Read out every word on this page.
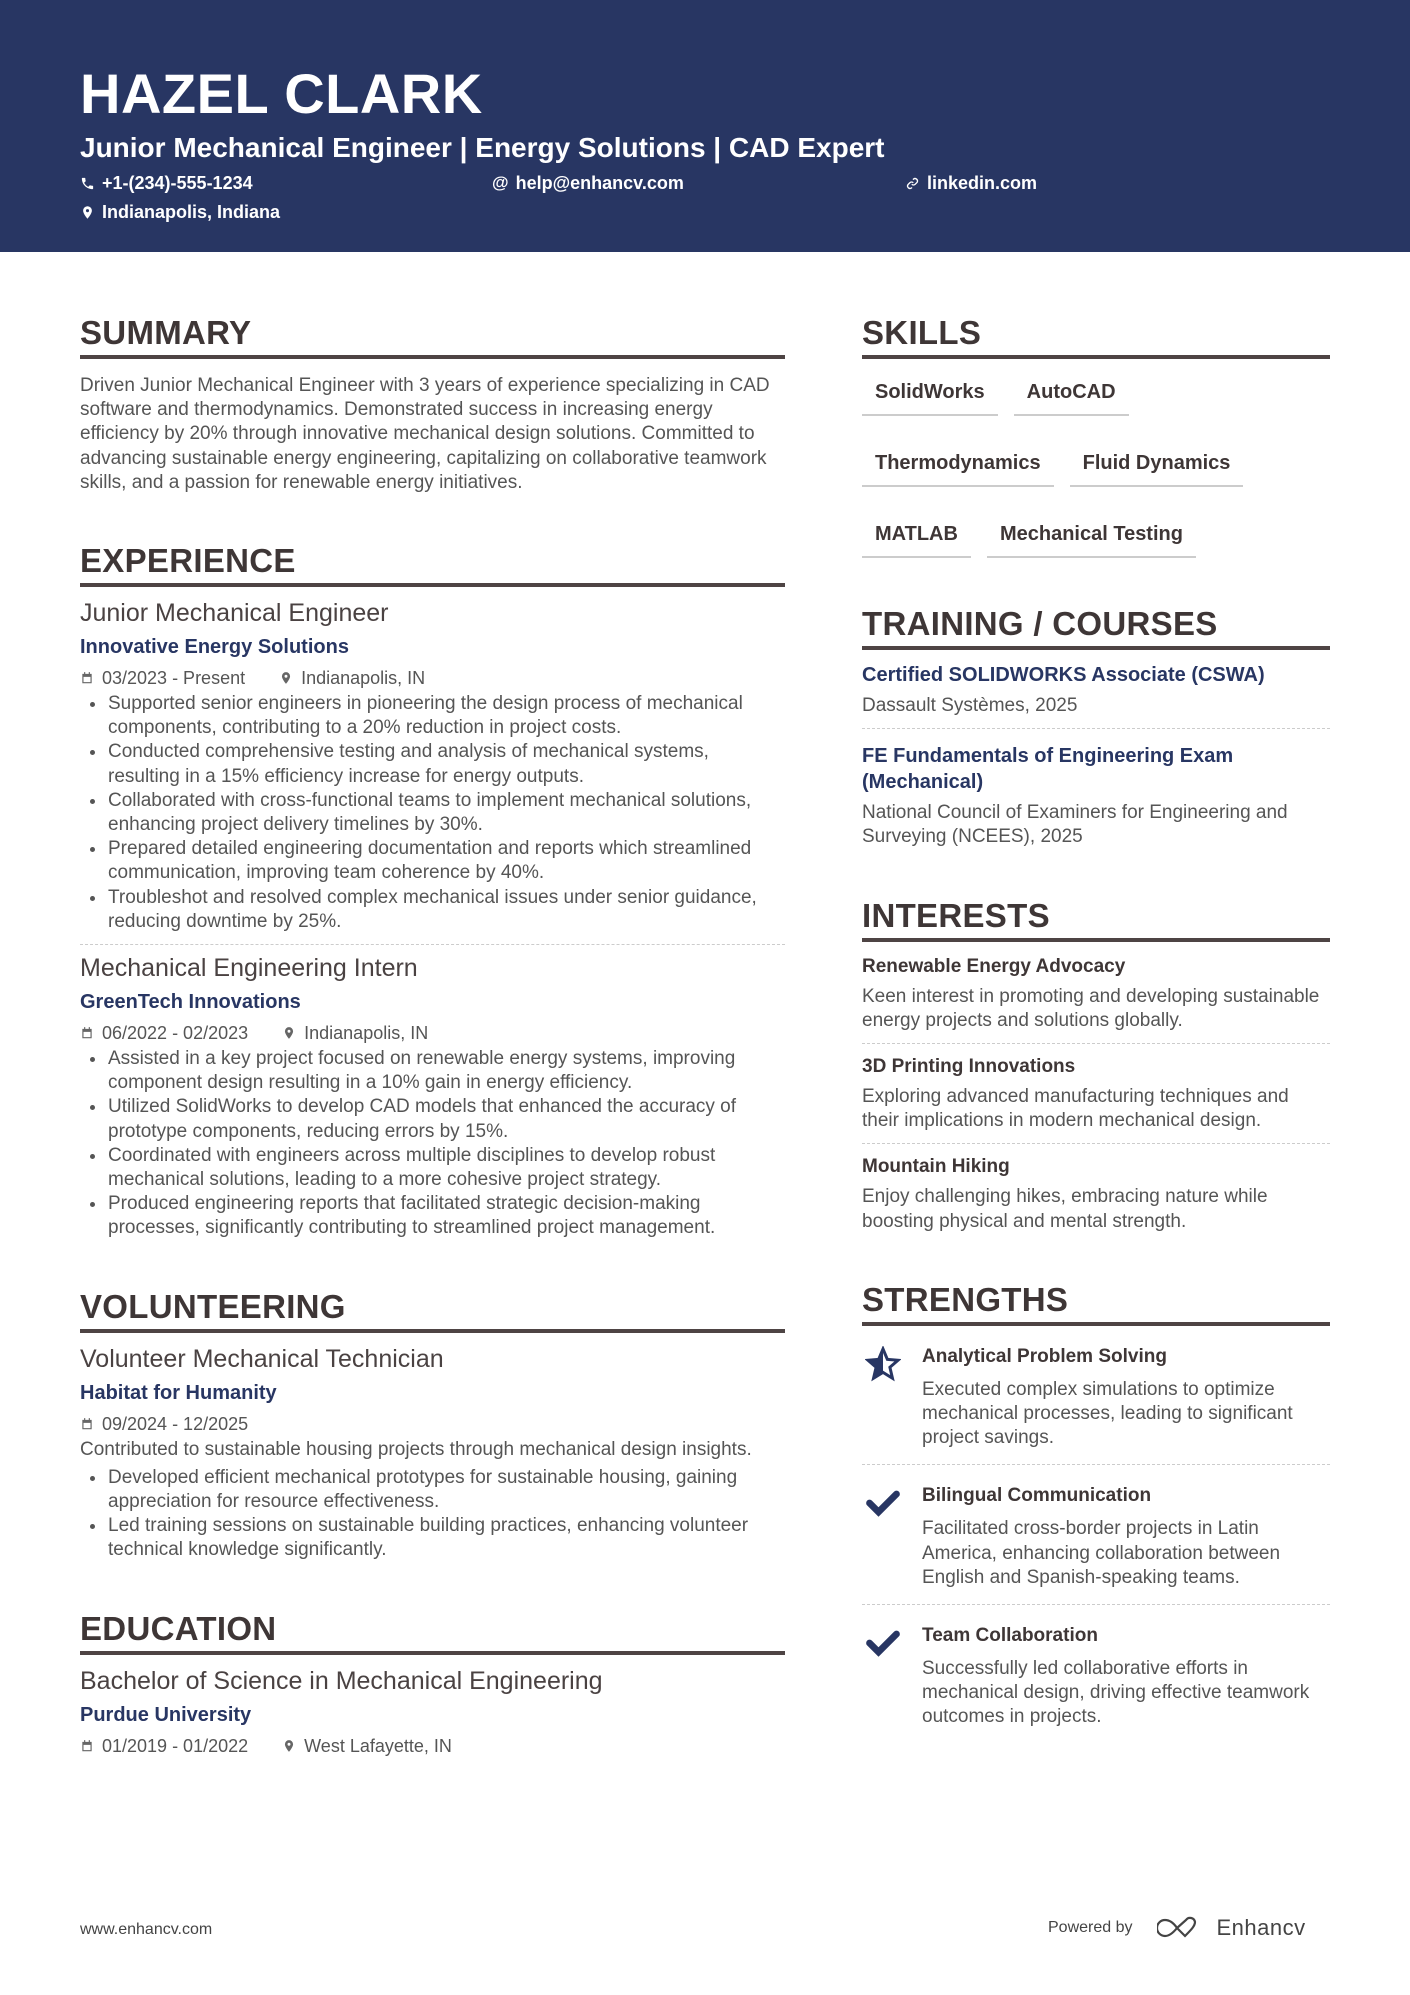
HAZEL CLARK
Junior Mechanical Engineer | Energy Solutions | CAD Expert
+1-(234)-555-1234	@ help@enhancv.com	linkedin.com
Indianapolis, Indiana
SUMMARY
Driven Junior Mechanical Engineer with 3 years of experience specializing in CAD software and thermodynamics. Demonstrated success in increasing energy efficiency by 20% through innovative mechanical design solutions. Committed to advancing sustainable energy engineering, capitalizing on collaborative teamwork skills, and a passion for renewable energy initiatives.
EXPERIENCE
Junior Mechanical Engineer
Innovative Energy Solutions
03/2023 - Present	Indianapolis, IN
Supported senior engineers in pioneering the design process of mechanical components, contributing to a 20% reduction in project costs.
Conducted comprehensive testing and analysis of mechanical systems, resulting in a 15% efficiency increase for energy outputs.
Collaborated with cross-functional teams to implement mechanical solutions, enhancing project delivery timelines by 30%.
Prepared detailed engineering documentation and reports which streamlined communication, improving team coherence by 40%.
Troubleshot and resolved complex mechanical issues under senior guidance, reducing downtime by 25%.
Mechanical Engineering Intern
GreenTech Innovations
06/2022 - 02/2023	Indianapolis, IN
Assisted in a key project focused on renewable energy systems, improving component design resulting in a 10% gain in energy efficiency.
Utilized SolidWorks to develop CAD models that enhanced the accuracy of prototype components, reducing errors by 15%.
Coordinated with engineers across multiple disciplines to develop robust mechanical solutions, leading to a more cohesive project strategy.
Produced engineering reports that facilitated strategic decision-making processes, significantly contributing to streamlined project management.
VOLUNTEERING
Volunteer Mechanical Technician
Habitat for Humanity
09/2024 - 12/2025
Contributed to sustainable housing projects through mechanical design insights.
Developed efficient mechanical prototypes for sustainable housing, gaining appreciation for resource effectiveness.
Led training sessions on sustainable building practices, enhancing volunteer technical knowledge significantly.
EDUCATION
Bachelor of Science in Mechanical Engineering
Purdue University
01/2019 - 01/2022	West Lafayette, IN
SKILLS
SolidWorks	AutoCAD
Thermodynamics	Fluid Dynamics
MATLAB	Mechanical Testing
TRAINING / COURSES
Certified SOLIDWORKS Associate (CSWA)
Dassault Systèmes, 2025
FE Fundamentals of Engineering Exam (Mechanical)
National Council of Examiners for Engineering and Surveying (NCEES), 2025
INTERESTS
Renewable Energy Advocacy
Keen interest in promoting and developing sustainable energy projects and solutions globally.
3D Printing Innovations
Exploring advanced manufacturing techniques and their implications in modern mechanical design.
Mountain Hiking
Enjoy challenging hikes, embracing nature while boosting physical and mental strength.
STRENGTHS
Analytical Problem Solving
Executed complex simulations to optimize mechanical processes, leading to significant project savings.
Bilingual Communication
Facilitated cross-border projects in Latin America, enhancing collaboration between English and Spanish-speaking teams.
Team Collaboration
Successfully led collaborative efforts in mechanical design, driving effective teamwork outcomes in projects.
www.enhancv.com	Powered by	Enhancv
